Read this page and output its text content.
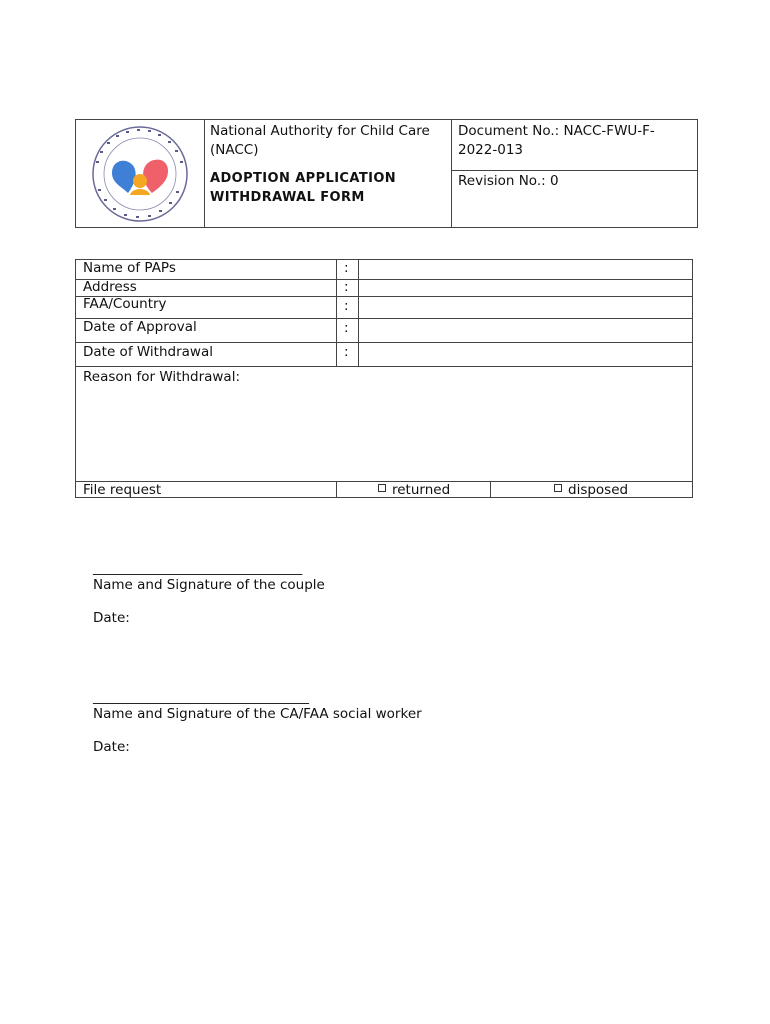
National Authority for Child Care (NACC)
ADOPTION APPLICATION WITHDRAWAL FORM
Document No.: NACC-FWU-F-2022-013
Revision No.: 0
Name of PAPs	:
Address	:
FAA/Country	:
Date of Approval	:
Date of Withdrawal	:
Reason for Withdrawal:
File request	returned	disposed
_______________________________
Name and Signature of the couple
Date:
________________________________
Name and Signature of the CA/FAA social worker
Date:
